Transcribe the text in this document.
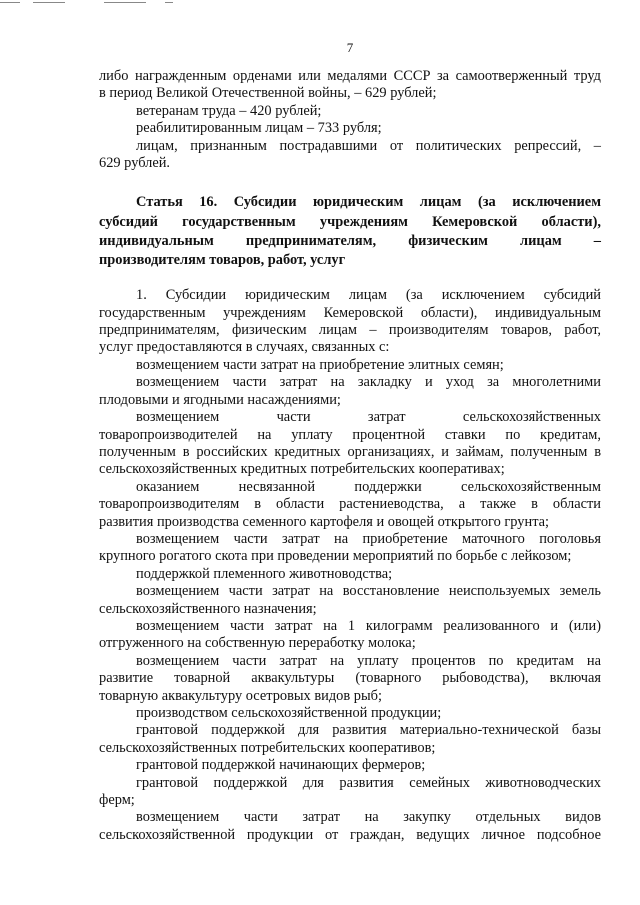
7
либо награжденным орденами или медалями СССР за самоотверженный труд
в период Великой Отечественной войны, – 629 рублей;
ветеранам труда – 420 рублей;
реабилитированным лицам – 733 рубля;
лицам, признанным пострадавшими от политических репрессий, –
629 рублей.
Статья 16. Субсидии юридическим лицам (за исключением
субсидий государственным учреждениям Кемеровской области),
индивидуальным предпринимателям, физическим лицам –
производителям товаров, работ, услуг
1. Субсидии юридическим лицам (за исключением субсидий
государственным учреждениям Кемеровской области), индивидуальным
предпринимателям, физическим лицам – производителям товаров, работ,
услуг предоставляются в случаях, связанных с:
возмещением части затрат на приобретение элитных семян;
возмещением части затрат на закладку и уход за многолетними
плодовыми и ягодными насаждениями;
возмещением части затрат сельскохозяйственных
товаропроизводителей на уплату процентной ставки по кредитам,
полученным в российских кредитных организациях, и займам, полученным в
сельскохозяйственных кредитных потребительских кооперативах;
оказанием несвязанной поддержки сельскохозяйственным
товаропроизводителям в области растениеводства, а также в области
развития производства семенного картофеля и овощей открытого грунта;
возмещением части затрат на приобретение маточного поголовья
крупного рогатого скота при проведении мероприятий по борьбе с лейкозом;
поддержкой племенного животноводства;
возмещением части затрат на восстановление неиспользуемых земель
сельскохозяйственного назначения;
возмещением части затрат на 1 килограмм реализованного и (или)
отгруженного на собственную переработку молока;
возмещением части затрат на уплату процентов по кредитам на
развитие товарной аквакультуры (товарного рыбоводства), включая
товарную аквакультуру осетровых видов рыб;
производством сельскохозяйственной продукции;
грантовой поддержкой для развития материально-технической базы
сельскохозяйственных потребительских кооперативов;
грантовой поддержкой начинающих фермеров;
грантовой поддержкой для развития семейных животноводческих
ферм;
возмещением части затрат на закупку отдельных видов
сельскохозяйственной продукции от граждан, ведущих личное подсобное
